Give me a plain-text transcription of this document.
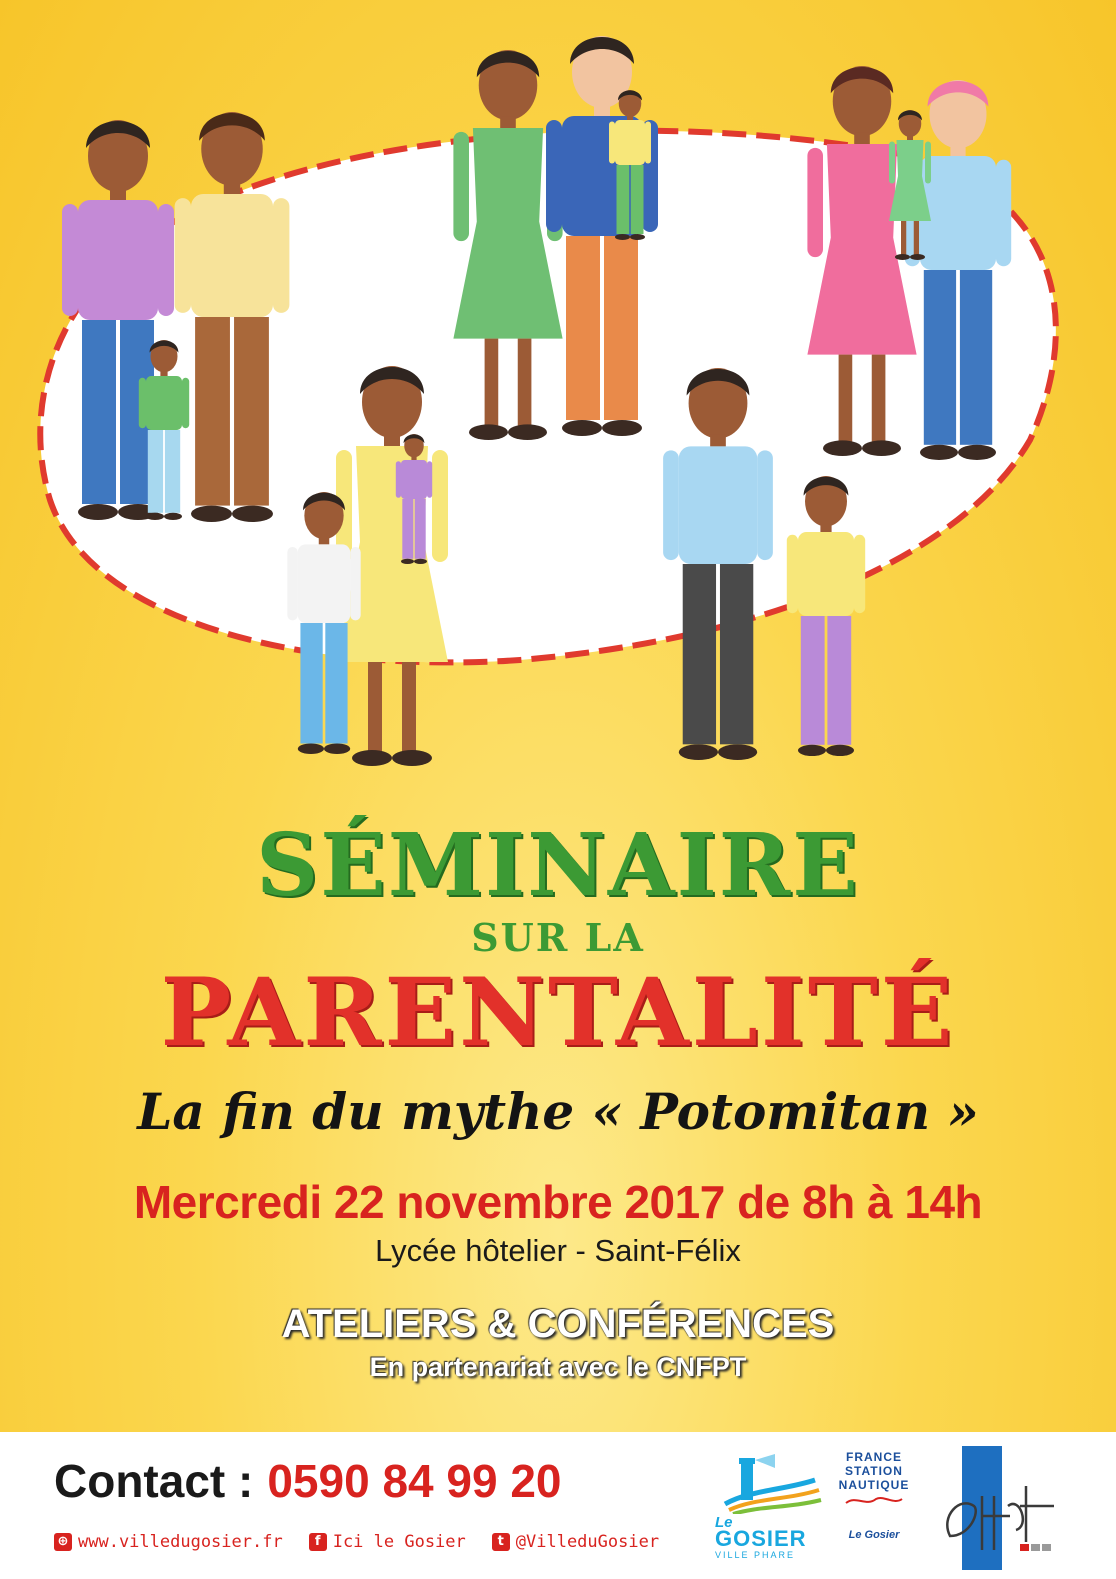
SÉMINAIRE
SUR LA
PARENTALITÉ
La fin du mythe « Potomitan »
Mercredi 22 novembre 2017 de 8h à 14h
Lycée hôtelier - Saint-Félix
ATELIERS & CONFÉRENCES
En partenariat avec le CNFPT
Contact : 0590 84 99 20
⊕ www.villedugosier.fr	f Ici le Gosier	t @VilleduGosier
Le
GOSIER
VILLE PHARE
FRANCE
STATION
NAUTIQUE
Le Gosier
